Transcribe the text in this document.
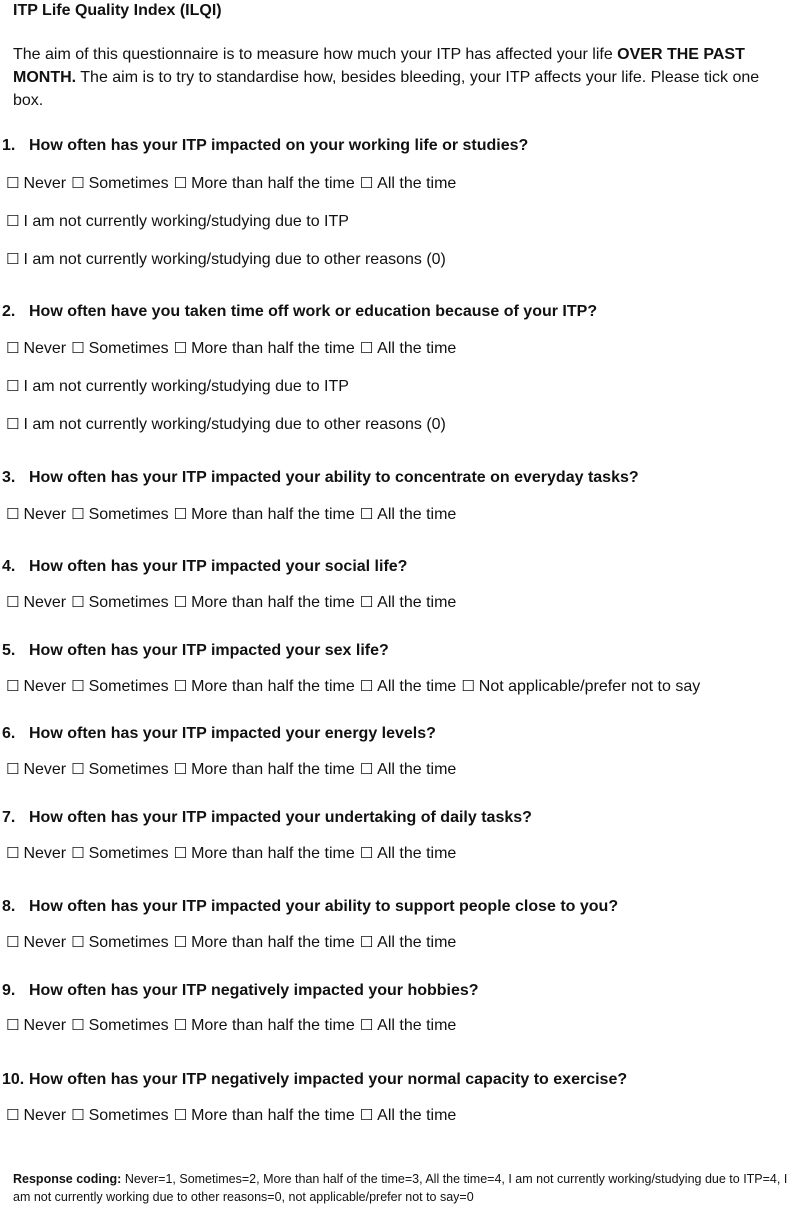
ITP Life Quality Index (ILQI)
The aim of this questionnaire is to measure how much your ITP has affected your life OVER THE PAST MONTH. The aim is to try to standardise how, besides bleeding, your ITP affects your life. Please tick one box.
1. How often has your ITP impacted on your working life or studies?
☐ Never ☐ Sometimes ☐ More than half the time ☐ All the time
☐ I am not currently working/studying due to ITP
☐ I am not currently working/studying due to other reasons (0)
2. How often have you taken time off work or education because of your ITP?
☐ Never ☐ Sometimes ☐ More than half the time ☐ All the time
☐ I am not currently working/studying due to ITP
☐ I am not currently working/studying due to other reasons (0)
3. How often has your ITP impacted your ability to concentrate on everyday tasks?
☐ Never ☐ Sometimes ☐ More than half the time ☐ All the time
4. How often has your ITP impacted your social life?
☐ Never ☐ Sometimes ☐ More than half the time ☐ All the time
5. How often has your ITP impacted your sex life?
☐ Never ☐ Sometimes ☐ More than half the time ☐ All the time ☐ Not applicable/prefer not to say
6. How often has your ITP impacted your energy levels?
☐ Never ☐ Sometimes ☐ More than half the time ☐ All the time
7. How often has your ITP impacted your undertaking of daily tasks?
☐ Never ☐ Sometimes ☐ More than half the time ☐ All the time
8. How often has your ITP impacted your ability to support people close to you?
☐ Never ☐ Sometimes ☐ More than half the time ☐ All the time
9. How often has your ITP negatively impacted your hobbies?
☐ Never ☐ Sometimes ☐ More than half the time ☐ All the time
10. How often has your ITP negatively impacted your normal capacity to exercise?
☐ Never ☐ Sometimes ☐ More than half the time ☐ All the time
Response coding: Never=1, Sometimes=2, More than half of the time=3, All the time=4, I am not currently working/studying due to ITP=4, I am not currently working due to other reasons=0, not applicable/prefer not to say=0
